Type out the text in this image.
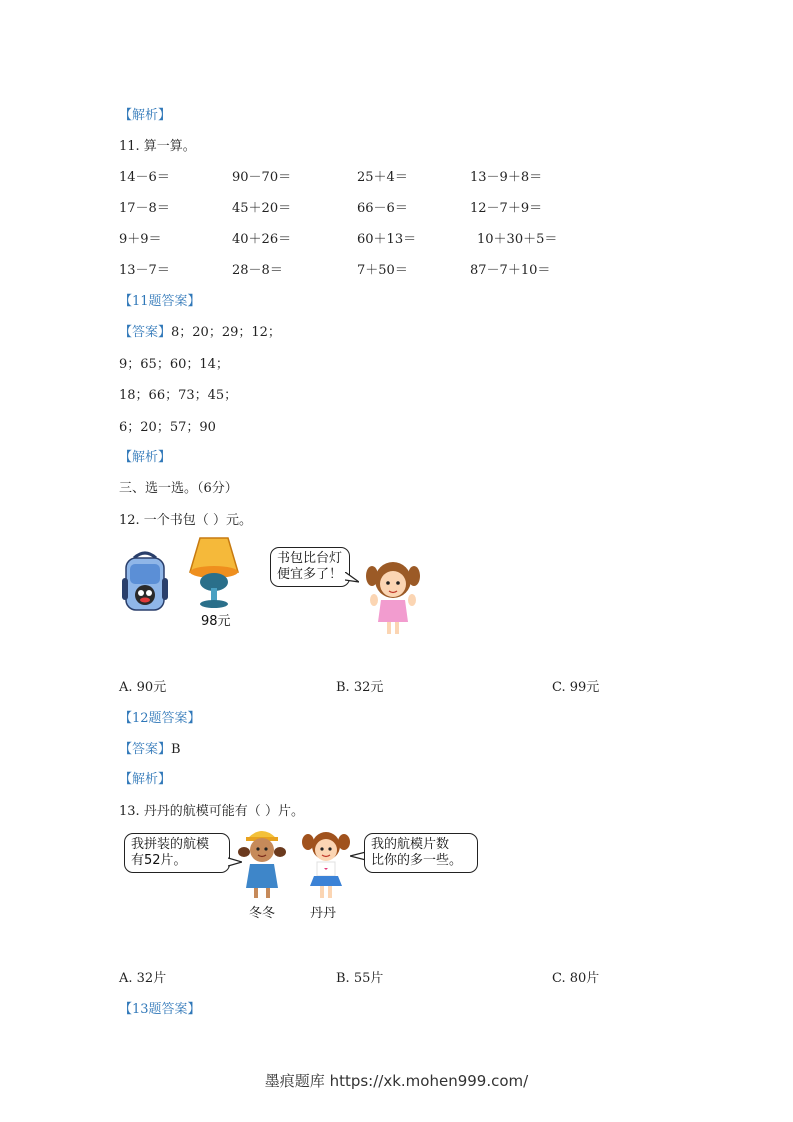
【解析】
11. 算一算。
14－6＝	90－70＝	25＋4＝	13－9＋8＝
17－8＝	45＋20＝	66－6＝	12－7＋9＝
9＋9＝	40＋26＝	60＋13＝	10＋30＋5＝
13－7＝	28－8＝	7＋50＝	87－7＋10＝
【11题答案】
【答案】8；20；29；12；
9；65；60；14；
18；66；73；45；
6；20；57；90
【解析】
三、选一选。（6分）
12. 一个书包（ ）元。
98元
书包比台灯
便宜多了！
A. 90元	B. 32元	C. 99元
【12题答案】
【答案】B
【解析】
13. 丹丹的航模可能有（ ）片。
我拼装的航模
有52片。
我的航模片数
比你的多一些。
冬冬	丹丹
A. 32片	B. 55片	C. 80片
【13题答案】
墨痕题库 https://xk.mohen999.com/
